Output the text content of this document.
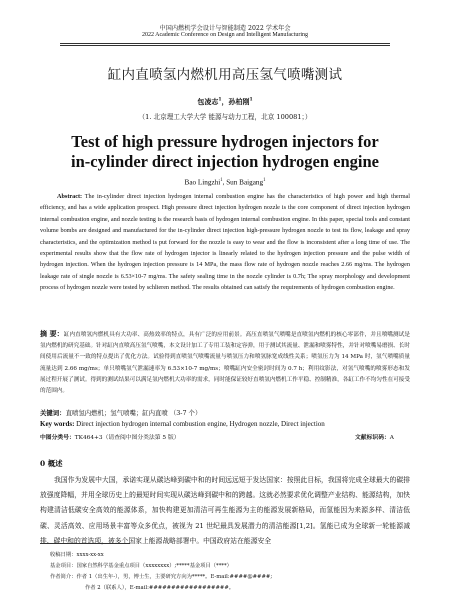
中国内燃机学会设计与智能制造 2022 学术年会
2022 Academic Conference on Design and Intelligent Manufacturing
缸内直喷氢内燃机用高压氢气喷嘴测试
包凌志$^1$，孙柏刚$^1$
（1. 北京理工大学大学 能源与动力工程，北京 100081；）
Test of high pressure hydrogen injectors for
in-cylinder direct injection hydrogen engine
Bao Lingzhi$^1$, Sun Baigang$^1$
Abstract: The in-cylinder direct injection hydrogen internal combustion engine has the characteristics of high power and high thermal efficiency, and has a wide application prospect. High pressure direct injection hydrogen nozzle is the core component of direct injection hydrogen internal combustion engine, and nozzle testing is the research basis of hydrogen internal combustion engine. In this paper, special tools and constant volume bombs are designed and manufactured for the in-cylinder direct injection high-pressure hydrogen nozzle to test its flow, leakage and spray characteristics, and the optimization method is put forward for the nozzle is easy to wear and the flow is inconsistent after a long time of use. The experimental results show that the flow rate of hydrogen injector is linearly related to the hydrogen injection pressure and the pulse width of hydrogen injection. When the hydrogen injection pressure is 14 MPa, the mass flow rate of hydrogen nozzle reaches 2.66 mg/ms. The hydrogen leakage rate of single nozzle is 6.53×10-7 mg/ms. The safety sealing time in the nozzle cylinder is 0.7h; The spray morphology and development process of hydrogen nozzle were tested by schlieren method. The results obtained can satisfy the requirements of hydrogen combustion engine.
摘 要：缸内直喷氢内燃机具有大功率、高热效率的特点，具有广泛的应用前景。高压直喷氢气喷嘴是直喷氢内燃机的核心零部件，并且喷嘴测试是氢内燃机的研究基础。针对缸内直喷高压氢气喷嘴，本文设计加工了专用工装和定容弹，用于测试其流量、泄漏和喷雾特性，并针对喷嘴易磨损、长时间使用后流量不一致的特点提出了优化方法。试验得到直喷氢气喷嘴流量与喷氢压力和喷氢脉宽成线性关系；喷氢压力为 14 MPa 时，氢气喷嘴质量流量达到 2.66 mg/ms；单只喷嘴氢气泄漏速率为 6.53×10-7 mg/ms；喷嘴缸内安全密封时间为 0.7 h；利用纹影法，对氢气喷嘴的喷雾形态和发展过程开展了测试。得到的测试结果可以满足氢内燃机大功率的需求，同时能保证较好直喷氢内燃机工作平稳、控制精准，各缸工作不均匀性在可接受的范围内。
关键词：直喷氢内燃机；氢气喷嘴；缸内直喷 （3-7 个）
Key words: Direct injection hydrogen internal combustion engine, Hydrogen nozzle, Direct injection
中图分类号：TK464+3（请查阅中图分类法第 5 版）	文献标识码：A
0 概述
我国作为发展中大国，承诺实现从碳达峰到碳中和的时间远远短于发达国家：按照此目标，我国将完成全球最大的碳排放强度降幅，并用全球历史上的最短时间实现从碳达峰到碳中和的跨越。这就必然要求优化调整产业结构、能源结构，加快构建清洁低碳安全高效的能源体系，加快构建更加清洁可再生能源为主的能源发展新格局，而氢能因为来源多样、清洁低碳、灵活高效、应用场景丰富等众多优点，被视为 21 世纪最具发展潜力的清洁能源[1,2]。氢能已成为全球新一轮能源减排、碳中和的首选项，被多个国家上能源战略部署中。中国政府站在能源安全
收稿日期：xxxx-xx-xx
基金项目：国家自然科学基金重点项目（xxxxxxxx）;*****基金项目（****）
作者简介：作者 1（出生年-），男，博士生，主要研究方向为*****。E-mail:####@####;
作者 2（联系人），E-mail:##################。
